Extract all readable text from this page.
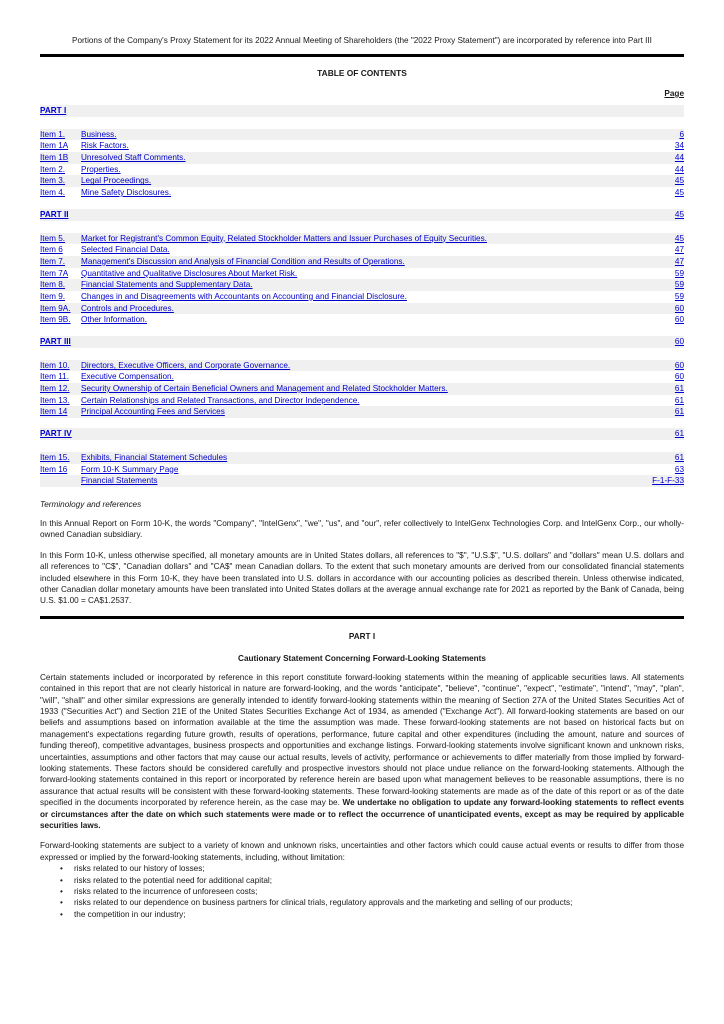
Portions of the Company's Proxy Statement for its 2022 Annual Meeting of Shareholders (the "2022 Proxy Statement") are incorporated by reference into Part III
TABLE OF CONTENTS
Page
PART I
Item 1.	Business.	6
Item 1A	Risk Factors.	34
Item 1B	Unresolved Staff Comments.	44
Item 2.	Properties.	44
Item 3.	Legal Proceedings.	45
Item 4.	Mine Safety Disclosures.	45
PART II	45
Item 5.	Market for Registrant's Common Equity, Related Stockholder Matters and Issuer Purchases of Equity Securities.	45
Item 6	Selected Financial Data.	47
Item 7.	Management's Discussion and Analysis of Financial Condition and Results of Operations.	47
Item 7A	Quantitative and Qualitative Disclosures About Market Risk.	59
Item 8.	Financial Statements and Supplementary Data.	59
Item 9.	Changes in and Disagreements with Accountants on Accounting and Financial Disclosure.	59
Item 9A.	Controls and Procedures.	60
Item 9B.	Other Information.	60
PART III	60
Item 10.	Directors, Executive Officers, and Corporate Governance.	60
Item 11.	Executive Compensation.	60
Item 12.	Security Ownership of Certain Beneficial Owners and Management and Related Stockholder Matters.	61
Item 13.	Certain Relationships and Related Transactions, and Director Independence.	61
Item 14	Principal Accounting Fees and Services	61
PART IV	61
Item 15.	Exhibits, Financial Statement Schedules	61
Item 16	Form 10-K Summary Page	63
Financial Statements	F-1-F-33
Terminology and references

In this Annual Report on Form 10-K, the words "Company", "IntelGenx", "we", "us", and "our", refer collectively to IntelGenx Technologies Corp. and IntelGenx Corp., our wholly-owned Canadian subsidiary.

In this Form 10-K, unless otherwise specified, all monetary amounts are in United States dollars, all references to "$", "U.S.$", "U.S. dollars" and "dollars" mean U.S. dollars and all references to "C$", "Canadian dollars" and "CA$" mean Canadian dollars. To the extent that such monetary amounts are derived from our consolidated financial statements included elsewhere in this Form 10-K, they have been translated into U.S. dollars in accordance with our accounting policies as described therein. Unless otherwise indicated, other Canadian dollar monetary amounts have been translated into United States dollars at the average annual exchange rate for 2021 as reported by the Bank of Canada, being U.S. $1.00 = CA$1.2537.

PART I
Cautionary Statement Concerning Forward-Looking Statements

Certain statements included or incorporated by reference in this report constitute forward-looking statements within the meaning of applicable securities laws. All statements contained in this report that are not clearly historical in nature are forward-looking, and the words "anticipate", "believe", "continue", "expect", "estimate", "intend", "may", "plan", "will", "shall" and other similar expressions are generally intended to identify forward-looking statements within the meaning of Section 27A of the United States Securities Act of 1933 ("Securities Act") and Section 21E of the United States Securities Exchange Act of 1934, as amended ("Exchange Act"). All forward-looking statements are based on our beliefs and assumptions based on information available at the time the assumption was made. These forward-looking statements are not based on historical facts but on management's expectations regarding future growth, results of operations, performance, future capital and other expenditures (including the amount, nature and sources of funding thereof), competitive advantages, business prospects and opportunities and exchange listings. Forward-looking statements involve significant known and unknown risks, uncertainties, assumptions and other factors that may cause our actual results, levels of activity, performance or achievements to differ materially from those implied by forward-looking statements. These factors should be considered carefully and prospective investors should not place undue reliance on the forward-looking statements. Although the forward-looking statements contained in this report or incorporated by reference herein are based upon what management believes to be reasonable assumptions, there is no assurance that actual results will be consistent with these forward-looking statements. These forward-looking statements are made as of the date of this report or as of the date specified in the documents incorporated by reference herein, as the case may be. We undertake no obligation to update any forward-looking statements to reflect events or circumstances after the date on which such statements were made or to reflect the occurrence of unanticipated events, except as may be required by applicable securities laws.

Forward-looking statements are subject to a variety of known and unknown risks, uncertainties and other factors which could cause actual events or results to differ from those expressed or implied by the forward-looking statements, including, without limitation:

• risks related to our history of losses;
• risks related to the potential need for additional capital;
• risks related to the incurrence of unforeseen costs;
• risks related to our dependence on business partners for clinical trials, regulatory approvals and the marketing and selling of our products;
• the competition in our industry;
